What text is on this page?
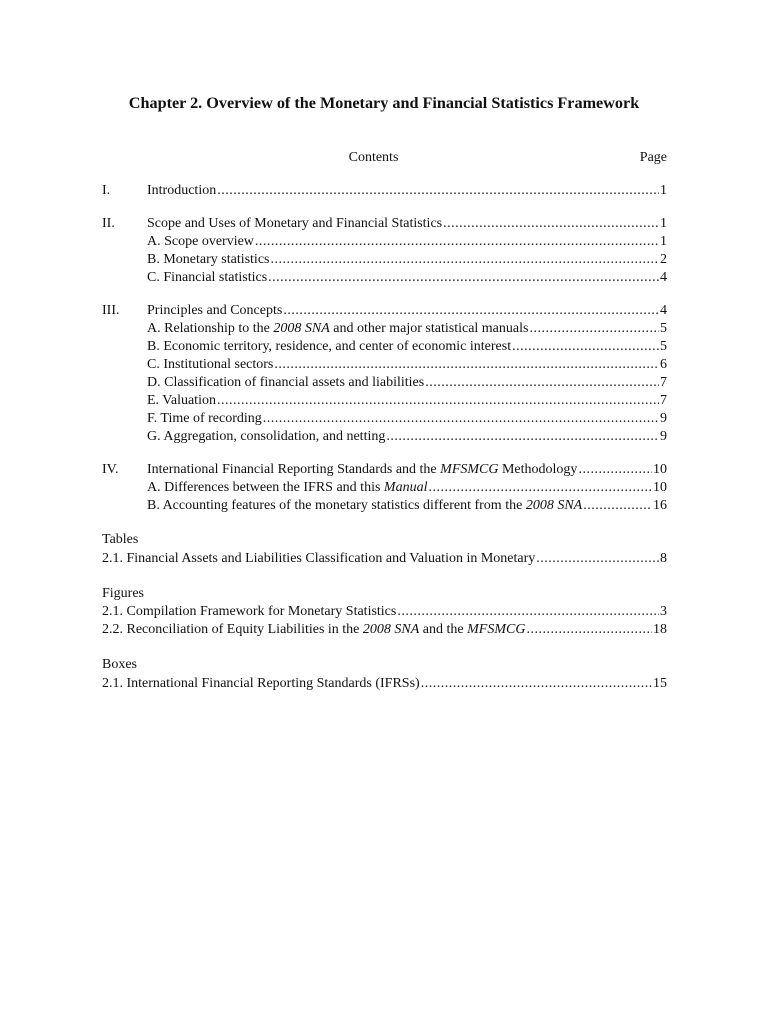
Chapter 2. Overview of the Monetary and Financial Statistics Framework
Contents	Page
I.	Introduction .....	1
II. Scope and Uses of Monetary and Financial Statistics .....	1
A. Scope overview .....	1
B. Monetary statistics .....	2
C. Financial statistics .....	4
III. Principles and Concepts .....	4
A. Relationship to the 2008 SNA and other major statistical manuals .....	5
B. Economic territory, residence, and center of economic interest .....	5
C. Institutional sectors .....	6
D. Classification of financial assets and liabilities .....	7
E. Valuation .....	7
F. Time of recording .....	9
G. Aggregation, consolidation, and netting .....	9
IV. International Financial Reporting Standards and the MFSMCG Methodology .....	10
A. Differences between the IFRS and this Manual .....	10
B. Accounting features of the monetary statistics different from the 2008 SNA .....	16
Tables
2.1. Financial Assets and Liabilities Classification and Valuation in Monetary .....	8
Figures
2.1. Compilation Framework for Monetary Statistics .....	3
2.2. Reconciliation of Equity Liabilities in the 2008 SNA and the MFSMCG .....	18
Boxes
2.1. International Financial Reporting Standards (IFRSs) .....	15
